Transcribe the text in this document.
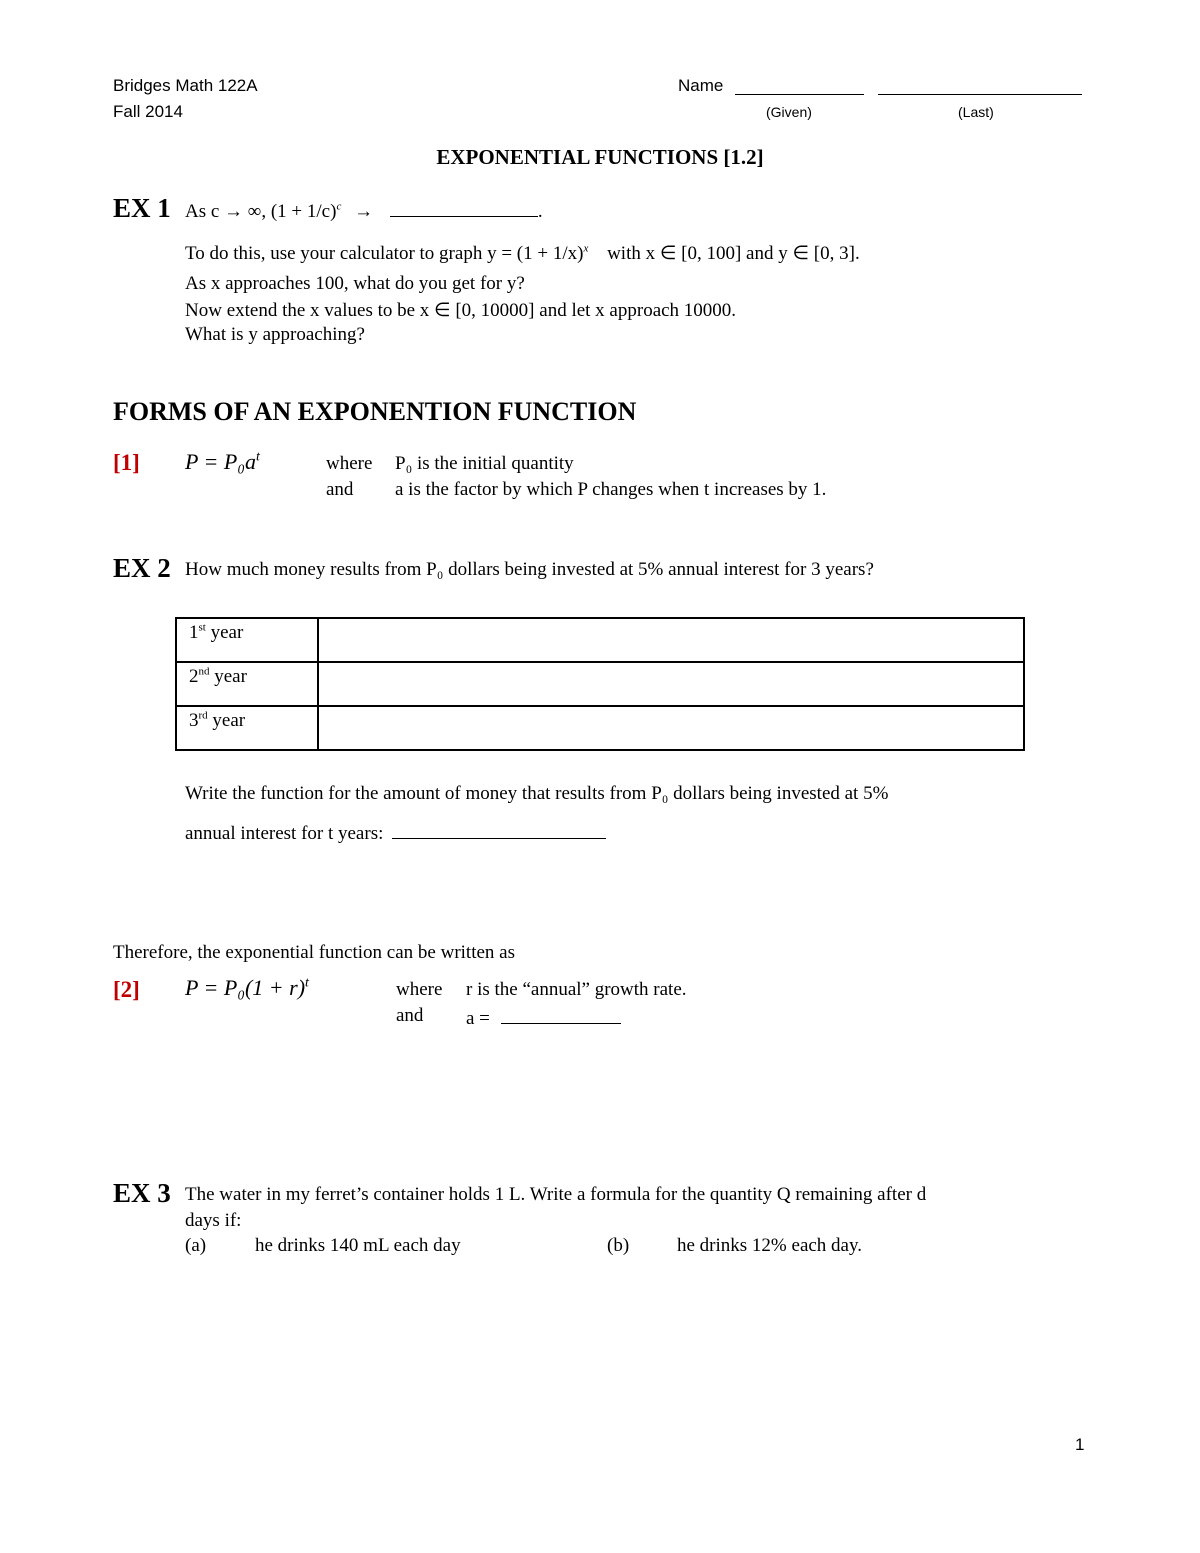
Bridges Math 122A
Fall 2014
Name
(Given)	(Last)
EXPONENTIAL FUNCTIONS [1.2]
EX 1 As c → ∞, $(1 + 1/c)^c$ →	.
To do this, use your calculator to graph $y = (1 + 1/x)^x$ with x ∈ [0, 100] and y ∈ [0, 3].
As x approaches 100, what do you get for y?
Now extend the x values to be x ∈ [0, 10000] and let x approach 10000.
What is y approaching?
FORMS OF AN EXPONENTION FUNCTION
[1] $P = P_0a^t$	where P₀ is the initial quantity
and a is the factor by which P changes when t increases by 1.
EX 2 How much money results from P₀ dollars being invested at 5% annual interest for 3 years?
1st year	
2nd year	
3rd year	
Write the function for the amount of money that results from P₀ dollars being invested at 5%
annual interest for t years:
Therefore, the exponential function can be written as
[2] $P = P_0(1 + r)^t$	where r is the “annual” growth rate.
and a =
EX 3 The water in my ferret’s container holds 1 L. Write a formula for the quantity Q remaining after d
days if:
(a)	he drinks 140 mL each day	(b)	he drinks 12% each day.
1
